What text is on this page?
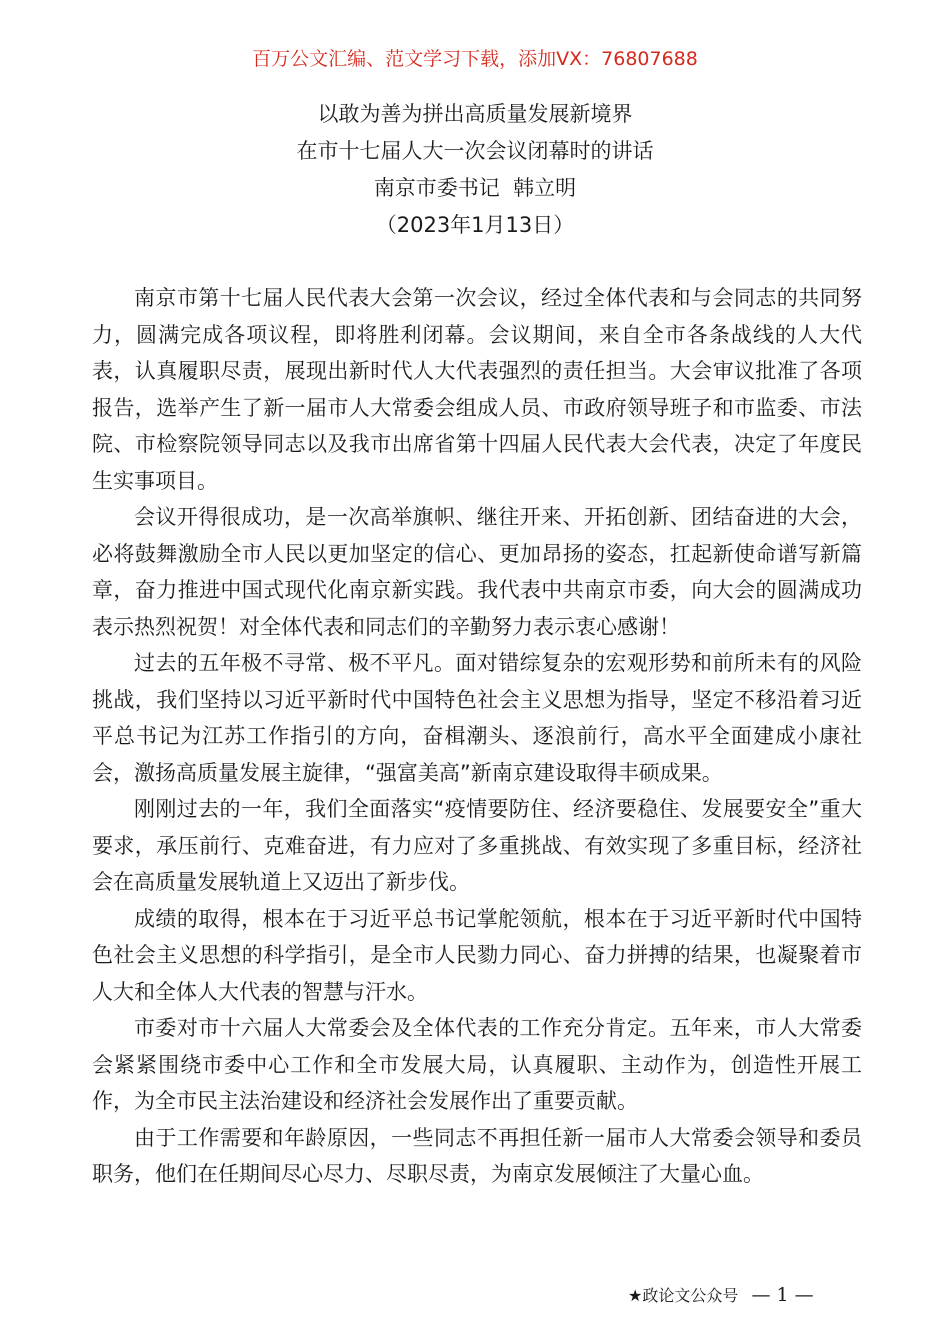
百万公文汇编、范文学习下载，添加VX：76807688
以敢为善为拼出高质量发展新境界
在市十七届人大一次会议闭幕时的讲话
南京市委书记  韩立明
（2023年1月13日）

南京市第十七届人民代表大会第一次会议，经过全体代表和与会同志的共同努力，圆满完成各项议程，即将胜利闭幕。会议期间，来自全市各条战线的人大代表，认真履职尽责，展现出新时代人大代表强烈的责任担当。大会审议批准了各项报告，选举产生了新一届市人大常委会组成人员、市政府领导班子和市监委、市法院、市检察院领导同志以及我市出席省第十四届人民代表大会代表，决定了年度民生实事项目。

会议开得很成功，是一次高举旗帜、继往开来、开拓创新、团结奋进的大会，必将鼓舞激励全市人民以更加坚定的信心、更加昂扬的姿态，扛起新使命谱写新篇章，奋力推进中国式现代化南京新实践。我代表中共南京市委，向大会的圆满成功表示热烈祝贺！对全体代表和同志们的辛勤努力表示衷心感谢！

过去的五年极不寻常、极不平凡。面对错综复杂的宏观形势和前所未有的风险挑战，我们坚持以习近平新时代中国特色社会主义思想为指导，坚定不移沿着习近平总书记为江苏工作指引的方向，奋楫潮头、逐浪前行，高水平全面建成小康社会，激扬高质量发展主旋律，“强富美高”新南京建设取得丰硕成果。

刚刚过去的一年，我们全面落实“疫情要防住、经济要稳住、发展要安全”重大要求，承压前行、克难奋进，有力应对了多重挑战、有效实现了多重目标，经济社会在高质量发展轨道上又迈出了新步伐。

成绩的取得，根本在于习近平总书记掌舵领航，根本在于习近平新时代中国特色社会主义思想的科学指引，是全市人民勠力同心、奋力拼搏的结果，也凝聚着市人大和全体人大代表的智慧与汗水。

市委对市十六届人大常委会及全体代表的工作充分肯定。五年来，市人大常委会紧紧围绕市委中心工作和全市发展大局，认真履职、主动作为，创造性开展工作，为全市民主法治建设和经济社会发展作出了重要贡献。

由于工作需要和年龄原因，一些同志不再担任新一届市人大常委会领导和委员职务，他们在任期间尽心尽力、尽职尽责，为南京发展倾注了大量心血。

★政论文公众号 — 1 —
